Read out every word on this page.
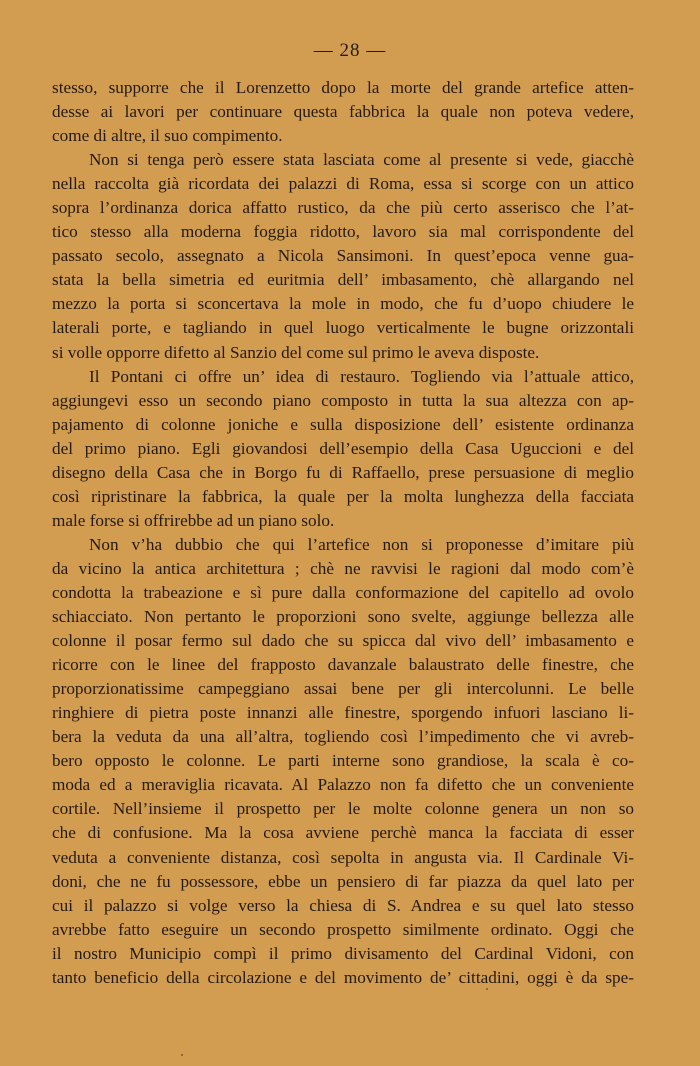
— 28 —
stesso, supporre che il Lorenzetto dopo la morte del grande artefice atten-
desse ai lavori per continuare questa fabbrica la quale non poteva vedere,
come di altre, il suo compimento.
Non si tenga però essere stata lasciata come al presente si vede, giacchè
nella raccolta già ricordata dei palazzi di Roma, essa si scorge con un attico
sopra l’ordinanza dorica affatto rustico, da che più certo asserisco che l’at-
tico stesso alla moderna foggia ridotto, lavoro sia mal corrispondente del
passato secolo, assegnato a Nicola Sansimoni. In quest’epoca venne gua-
stata la bella simetria ed euritmia dell’ imbasamento, chè allargando nel
mezzo la porta si sconcertava la mole in modo, che fu d’uopo chiudere le
laterali porte, e tagliando in quel luogo verticalmente le bugne orizzontali
si volle opporre difetto al Sanzio del come sul primo le aveva disposte.
Il Pontani ci offre un’ idea di restauro. Togliendo via l’attuale attico,
aggiungevi esso un secondo piano composto in tutta la sua altezza con ap-
pajamento di colonne joniche e sulla disposizione dell’ esistente ordinanza
del primo piano. Egli giovandosi dell’esempio della Casa Uguccioni e del
disegno della Casa che in Borgo fu di Raffaello, prese persuasione di meglio
così ripristinare la fabbrica, la quale per la molta lunghezza della facciata
male forse si offrirebbe ad un piano solo.
Non v’ha dubbio che qui l’artefice non si proponesse d’imitare più
da vicino la antica architettura ; chè ne ravvisi le ragioni dal modo com’è
condotta la trabeazione e sì pure dalla conformazione del capitello ad ovolo
schiacciato. Non pertanto le proporzioni sono svelte, aggiunge bellezza alle
colonne il posar fermo sul dado che su spicca dal vivo dell’ imbasamento e
ricorre con le linee del frapposto davanzale balaustrato delle finestre, che
proporzionatissime campeggiano assai bene per gli intercolunni. Le belle
ringhiere di pietra poste innanzi alle finestre, sporgendo infuori lasciano li-
bera la veduta da una all’altra, togliendo così l’impedimento che vi avreb-
bero opposto le colonne. Le parti interne sono grandiose, la scala è co-
moda ed a meraviglia ricavata. Al Palazzo non fa difetto che un conveniente
cortile. Nell’insieme il prospetto per le molte colonne genera un non so
che di confusione. Ma la cosa avviene perchè manca la facciata di esser
veduta a conveniente distanza, così sepolta in angusta via. Il Cardinale Vi-
doni, che ne fu possessore, ebbe un pensiero di far piazza da quel lato per
cui il palazzo si volge verso la chiesa di S. Andrea e su quel lato stesso
avrebbe fatto eseguire un secondo prospetto similmente ordinato. Oggi che
il nostro Municipio compì il primo divisamento del Cardinal Vidoni, con
tanto beneficio della circolazione e del movimento de’ cittadini, oggi è da spe-
